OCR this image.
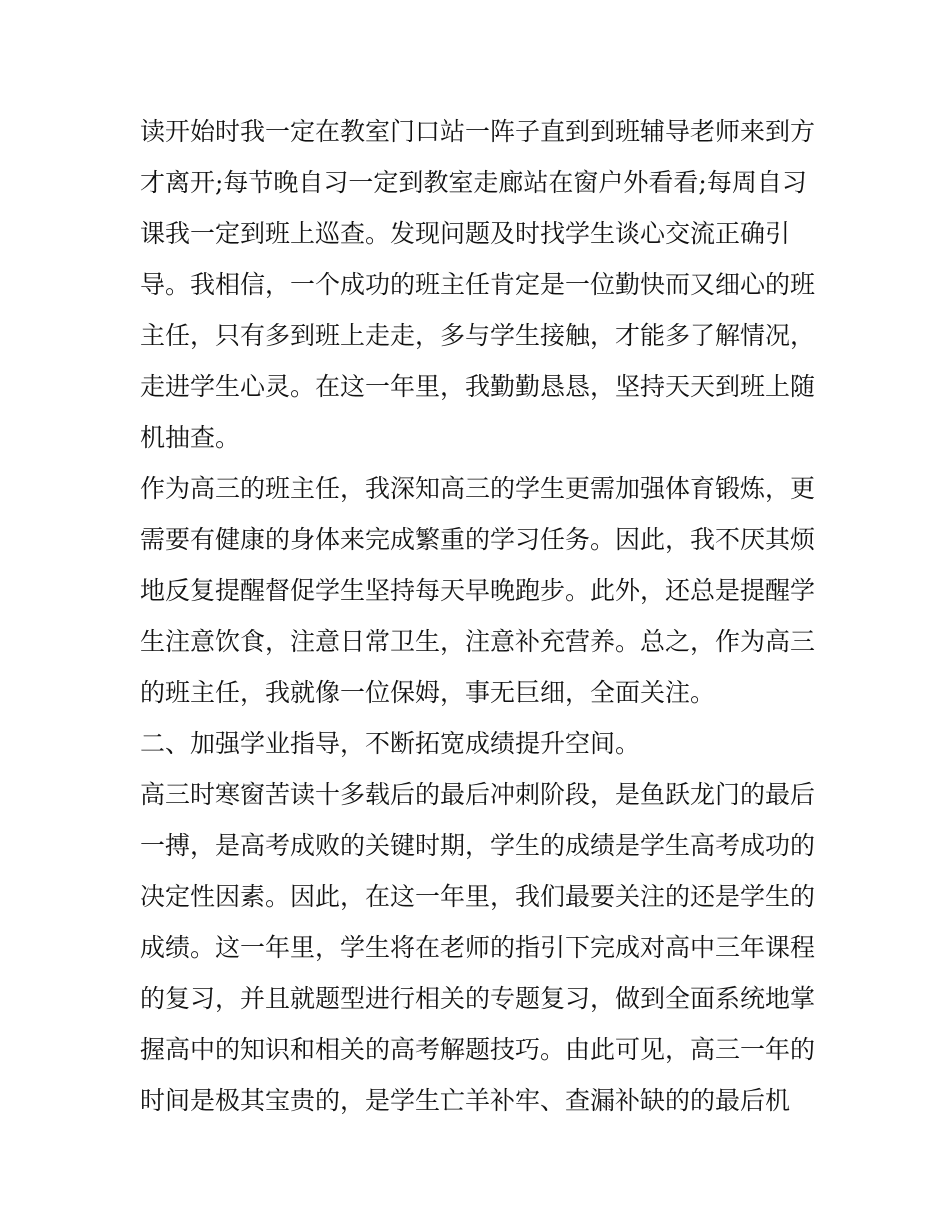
读开始时我一定在教室门口站一阵子直到到班辅导老师来到方

才离开;每节晚自习一定到教室走廊站在窗户外看看;每周自习

课我一定到班上巡查。发现问题及时找学生谈心交流正确引

导。我相信，一个成功的班主任肯定是一位勤快而又细心的班

主任，只有多到班上走走，多与学生接触，才能多了解情况，

走进学生心灵。在这一年里，我勤勤恳恳，坚持天天到班上随

机抽查。

作为高三的班主任，我深知高三的学生更需加强体育锻炼，更

需要有健康的身体来完成繁重的学习任务。因此，我不厌其烦

地反复提醒督促学生坚持每天早晚跑步。此外，还总是提醒学

生注意饮食，注意日常卫生，注意补充营养。总之，作为高三

的班主任，我就像一位保姆，事无巨细，全面关注。

二、加强学业指导，不断拓宽成绩提升空间。

高三时寒窗苦读十多载后的最后冲刺阶段，是鱼跃龙门的最后

一搏，是高考成败的关键时期，学生的成绩是学生高考成功的

决定性因素。因此，在这一年里，我们最要关注的还是学生的

成绩。这一年里，学生将在老师的指引下完成对高中三年课程

的复习，并且就题型进行相关的专题复习，做到全面系统地掌

握高中的知识和相关的高考解题技巧。由此可见，高三一年的

时间是极其宝贵的，是学生亡羊补牢、查漏补缺的的最后机
